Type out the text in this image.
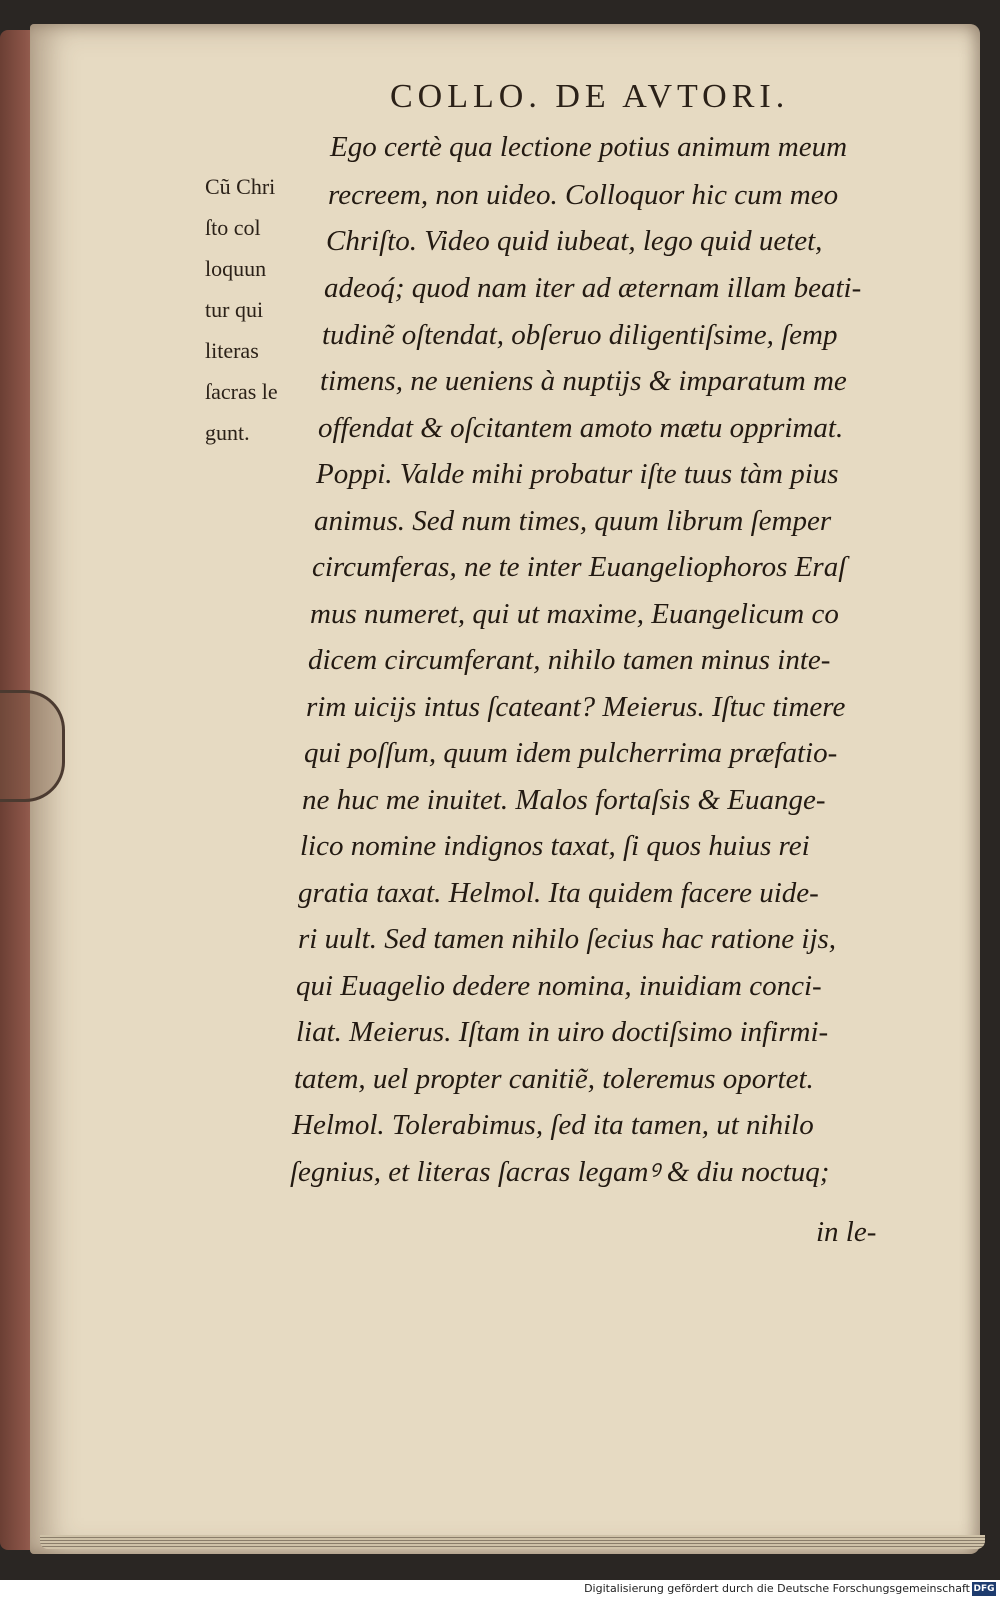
COLLO. DE AVTORI.
Cũ Chri
ſto col
loquun
tur qui
literas
ſacras le
gunt.
Ego certè qua lectione potius animum meum
recreem, non uideo. Colloquor hic cum meo
Chriſto. Video quid iubeat, lego quid uetet,
adeoq́; quod nam iter ad æternam illam beati-
tudinẽ oſtendat, obſeruo diligentiſsime, ſemp
timens, ne ueniens à nuptijs & imparatum me
offendat & oſcitantem amoto mætu opprimat.
Poppi. Valde mihi probatur iſte tuus tàm pius
animus. Sed num times, quum librum ſemper
circumferas, ne te inter Euangeliophoros Eraſ
mus numeret, qui ut maxime, Euangelicum co
dicem circumferant, nihilo tamen minus inte-
rim uicijs intus ſcateant? Meierus. Iſtuc timere
qui poſſum, quum idem pulcherrima præfatio-
ne huc me inuitet. Malos fortaſsis & Euange-
lico nomine indignos taxat, ſi quos huius rei
gratia taxat. Helmol. Ita quidem facere uide-
ri uult. Sed tamen nihilo ſecius hac ratione ijs,
qui Euagelio dedere nomina, inuidiam conci-
liat. Meierus. Iſtam in uiro doctiſsimo infirmi-
tatem, uel propter canitiẽ, toleremus oportet.
Helmol. Tolerabimus, ſed ita tamen, ut nihilo
ſegnius, et literas ſacras legamꝰ & diu noctuq;
in le-
Digitalisierung gefördert durch die Deutsche Forschungsgemeinschaft DFG
